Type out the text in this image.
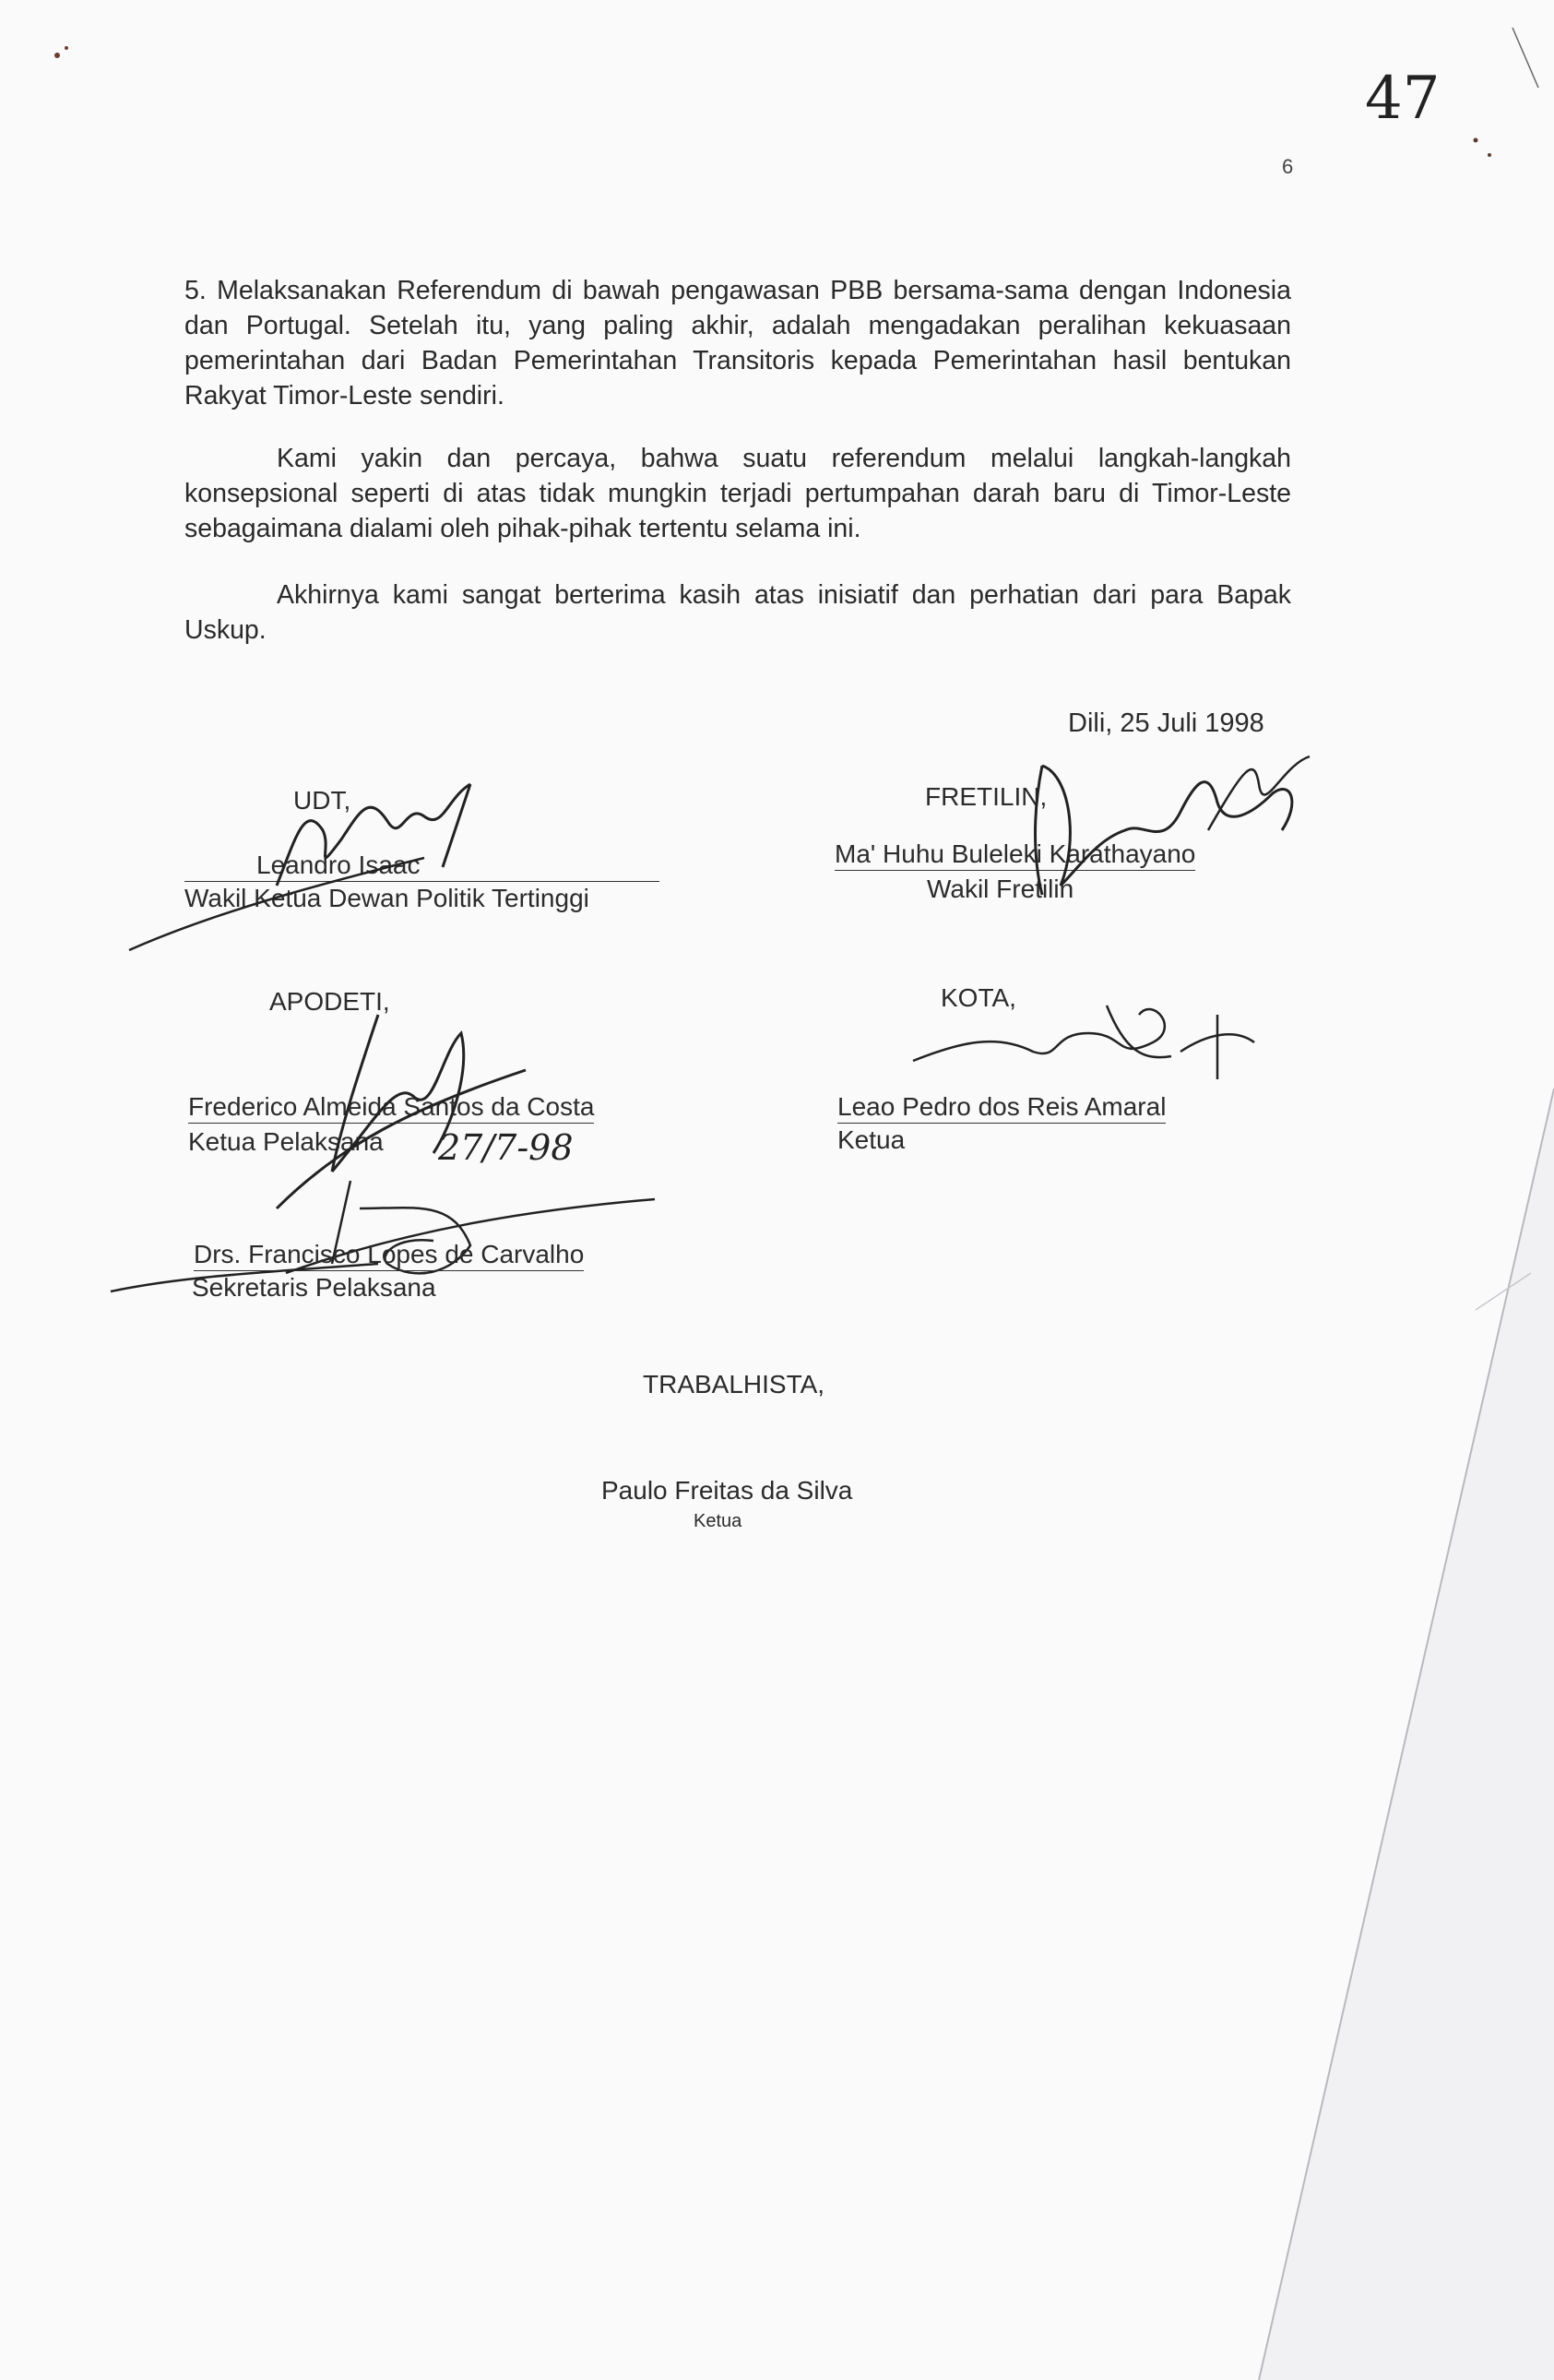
47
6
5. Melaksanakan Referendum di bawah pengawasan PBB bersama-sama dengan Indonesia dan Portugal. Setelah itu, yang paling akhir, adalah mengadakan peralihan kekuasaan pemerintahan dari Badan Pemerintahan Transitoris kepada Pemerintahan hasil bentukan Rakyat Timor-Leste sendiri.
Kami yakin dan percaya, bahwa suatu referendum melalui langkah-langkah konsepsional seperti di atas tidak mungkin terjadi pertumpahan darah baru di Timor-Leste sebagaimana dialami oleh pihak-pihak tertentu selama ini.
Akhirnya kami sangat berterima kasih atas inisiatif dan perhatian dari para Bapak Uskup.
Dili, 25 Juli 1998
UDT,
Leandro Isaac
Wakil Ketua Dewan Politik Tertinggi
FRETILIN,
Ma' Huhu Buleleki Karathayano
Wakil Fretilin
APODETI,
Frederico Almeida Santos da Costa
Ketua Pelaksana 27/7-98
Drs. Francisco Lopes de Carvalho
Sekretaris Pelaksana
KOTA,
Leao Pedro dos Reis Amaral
Ketua
TRABALHISTA,
Paulo Freitas da Silva
Ketua
